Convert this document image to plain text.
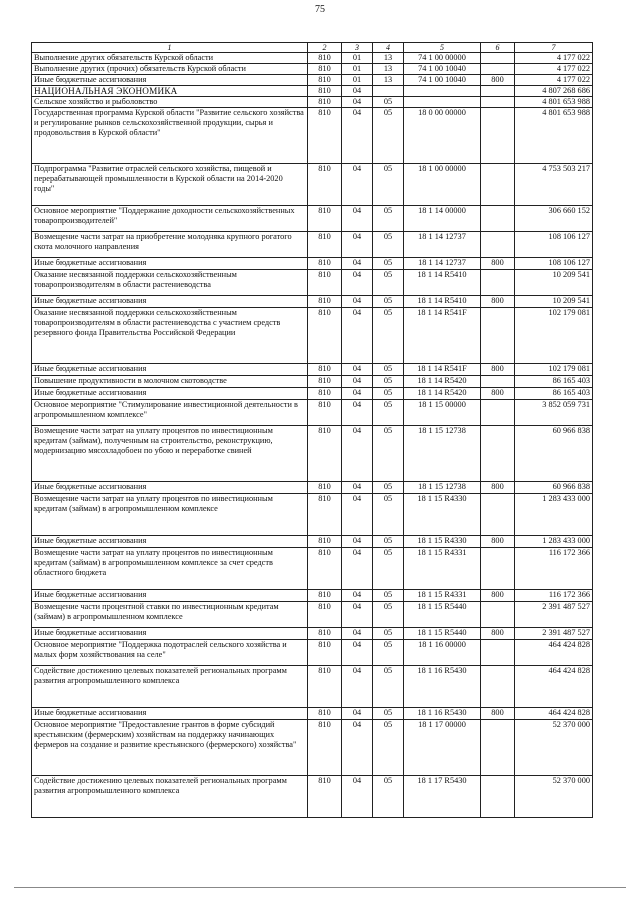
75
1	2	3	4	5	6	7
Выполнение других обязательств Курской области	810	01	13	74 1 00 00000		4 177 022
Выполнение других (прочих) обязательств Курской области	810	01	13	74 1 00 10040		4 177 022
Иные бюджетные ассигнования	810	01	13	74 1 00 10040	800	4 177 022
НАЦИОНАЛЬНАЯ ЭКОНОМИКА	810	04				4 807 268 686
Сельское хозяйство и рыболовство	810	04	05			4 801 653 988
Государственная программа Курской области "Развитие сельского хозяйства и регулирование рынков сельскохозяйственной продукции, сырья и продовольствия в Курской области"	810	04	05	18 0 00 00000		4 801 653 988
Подпрограмма "Развитие отраслей сельского хозяйства, пищевой и перерабатывающей промышленности в Курской области на 2014-2020 годы"	810	04	05	18 1 00 00000		4 753 503 217
Основное мероприятие "Поддержание доходности сельскохозяйственных товаропроизводителей"	810	04	05	18 1 14 00000		306 660 152
Возмещение части затрат на приобретение молодняка крупного рогатого скота молочного направления	810	04	05	18 1 14 12737		108 106 127
Иные бюджетные ассигнования	810	04	05	18 1 14 12737	800	108 106 127
Оказание несвязанной поддержки сельскохозяйственным товаропроизводителям в области растениеводства	810	04	05	18 1 14 R5410		10 209 541
Иные бюджетные ассигнования	810	04	05	18 1 14 R5410	800	10 209 541
Оказание несвязанной поддержки сельскохозяйственным товаропроизводителям в области растениеводства с участием средств резервного фонда Правительства Российской Федерации	810	04	05	18 1 14 R541F		102 179 081
Иные бюджетные ассигнования	810	04	05	18 1 14 R541F	800	102 179 081
Повышение продуктивности в молочном скотоводстве	810	04	05	18 1 14 R5420		86 165 403
Иные бюджетные ассигнования	810	04	05	18 1 14 R5420	800	86 165 403
Основное мероприятие "Стимулирование инвестиционной деятельности в агропромышленном комплексе"	810	04	05	18 1 15 00000		3 852 059 731
Возмещение части затрат на уплату процентов по инвестиционным кредитам (займам), полученным на строительство, реконструкцию, модернизацию мясохладобоен по убою и переработке свиней	810	04	05	18 1 15 12738		60 966 838
Иные бюджетные ассигнования	810	04	05	18 1 15 12738	800	60 966 838
Возмещение части затрат на уплату процентов по инвестиционным кредитам (займам) в агропромышленном комплексе	810	04	05	18 1 15 R4330		1 283 433 000
Иные бюджетные ассигнования	810	04	05	18 1 15 R4330	800	1 283 433 000
Возмещение части затрат на уплату процентов по инвестиционным кредитам (займам) в агропромышленном комплексе за счет средств областного бюджета	810	04	05	18 1 15 R4331		116 172 366
Иные бюджетные ассигнования	810	04	05	18 1 15 R4331	800	116 172 366
Возмещение части процентной ставки по инвестиционным кредитам (займам) в агропромышленном комплексе	810	04	05	18 1 15 R5440		2 391 487 527
Иные бюджетные ассигнования	810	04	05	18 1 15 R5440	800	2 391 487 527
Основное мероприятие "Поддержка подотраслей сельского хозяйства и малых форм хозяйствования на селе"	810	04	05	18 1 16 00000		464 424 828
Содействие достижению целевых показателей региональных программ развития агропромышленного комплекса	810	04	05	18 1 16 R5430		464 424 828
Иные бюджетные ассигнования	810	04	05	18 1 16 R5430	800	464 424 828
Основное мероприятие "Предоставление грантов в форме субсидий крестьянским (фермерским) хозяйствам на поддержку начинающих фермеров на создание и развитие крестьянского (фермерского) хозяйства"	810	04	05	18 1 17 00000		52 370 000
Содействие достижению целевых показателей региональных программ развития агропромышленного комплекса	810	04	05	18 1 17 R5430		52 370 000
